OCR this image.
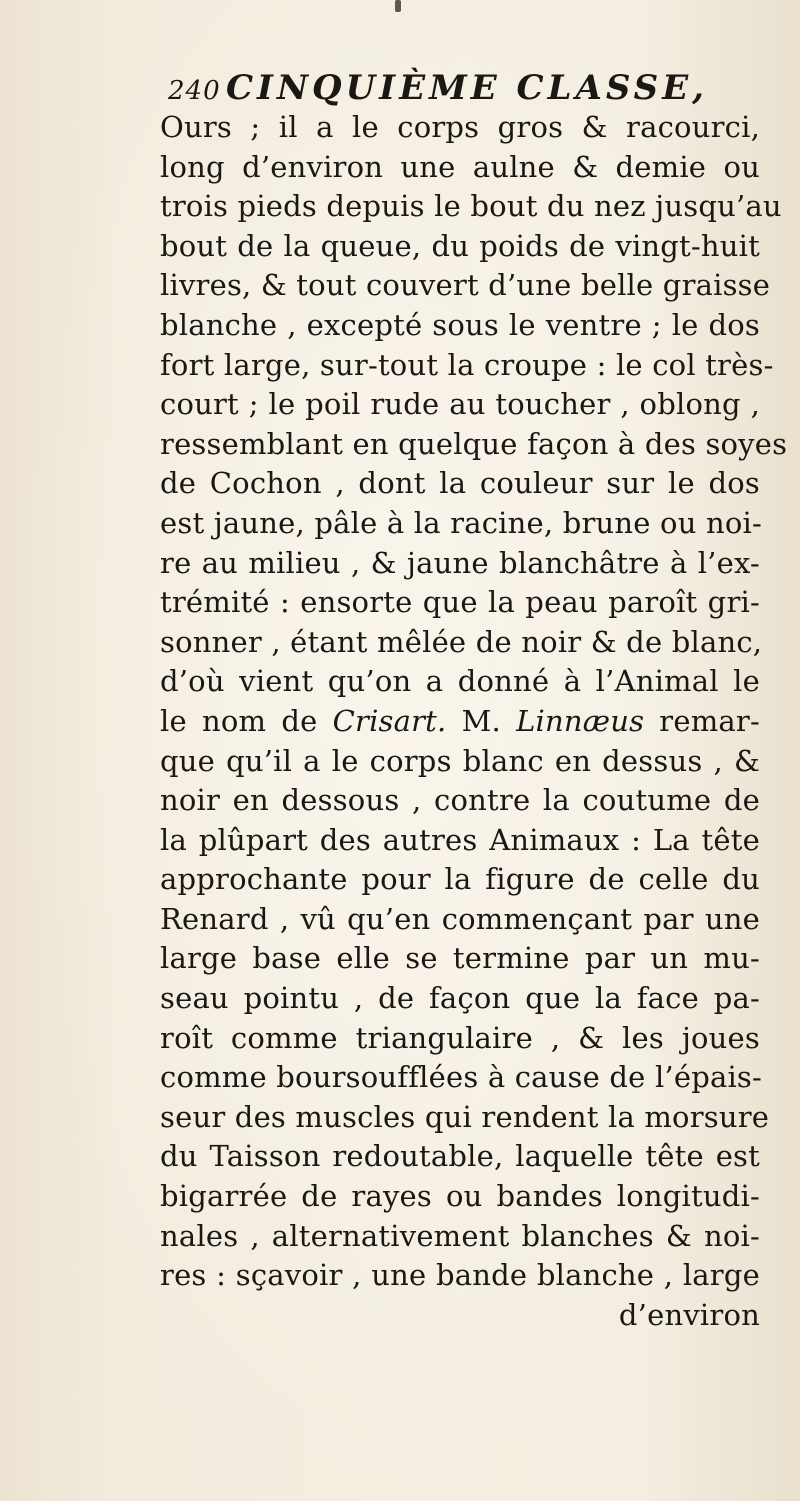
240 CINQUIÈME CLASSE,
Ours ; il a le corps gros & racourci,
long d’environ une aulne & demie ou
trois pieds depuis le bout du nez jusqu’au
bout de la queue, du poids de vingt-huit
livres, & tout couvert d’une belle graisse
blanche , excepté sous le ventre ; le dos
fort large, sur-tout la croupe : le col très-
court ; le poil rude au toucher , oblong ,
ressemblant en quelque façon à des soyes
de Cochon , dont la couleur sur le dos
est jaune, pâle à la racine, brune ou noi-
re au milieu , & jaune blanchâtre à l’ex-
trémité : ensorte que la peau paroît gri-
sonner , étant mêlée de noir & de blanc,
d’où vient qu’on a donné à l’Animal le
le nom de Crisart. M. Linnæus remar-
que qu’il a le corps blanc en dessus , &
noir en dessous , contre la coutume de
la plûpart des autres Animaux : La tête
approchante pour la figure de celle du
Renard , vû qu’en commençant par une
large base elle se termine par un mu-
seau pointu , de façon que la face pa-
roît comme triangulaire , & les joues
comme boursoufflées à cause de l’épais-
seur des muscles qui rendent la morsure
du Taisson redoutable, laquelle tête est
bigarrée de rayes ou bandes longitudi-
nales , alternativement blanches & noi-
res : sçavoir , une bande blanche , large
d’environ
